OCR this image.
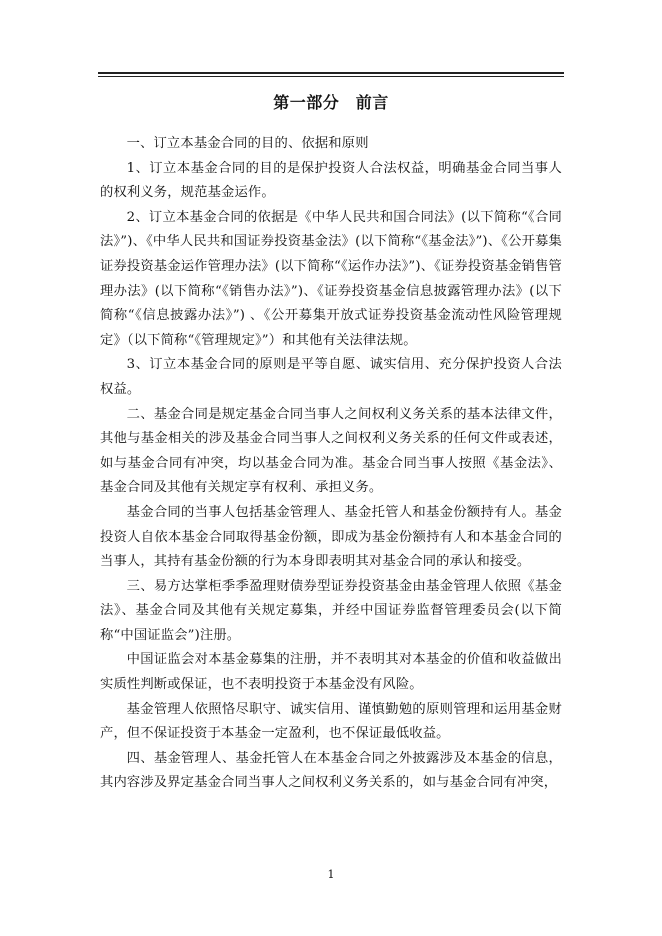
第一部分　前言

一、订立本基金合同的目的、依据和原则

1、订立本基金合同的目的是保护投资人合法权益，明确基金合同当事人的权利义务，规范基金运作。

2、订立本基金合同的依据是《中华人民共和国合同法》(以下简称“《合同法》”)、《中华人民共和国证券投资基金法》(以下简称“《基金法》”)、《公开募集证券投资基金运作管理办法》(以下简称“《运作办法》”)、《证券投资基金销售管理办法》(以下简称“《销售办法》”)、《证券投资基金信息披露管理办法》(以下简称“《信息披露办法》”) 、《公开募集开放式证券投资基金流动性风险管理规定》（以下简称“《管理规定》”）和其他有关法律法规。

3、订立本基金合同的原则是平等自愿、诚实信用、充分保护投资人合法权益。

二、基金合同是规定基金合同当事人之间权利义务关系的基本法律文件，其他与基金相关的涉及基金合同当事人之间权利义务关系的任何文件或表述，如与基金合同有冲突，均以基金合同为准。基金合同当事人按照《基金法》、基金合同及其他有关规定享有权利、承担义务。

基金合同的当事人包括基金管理人、基金托管人和基金份额持有人。基金投资人自依本基金合同取得基金份额，即成为基金份额持有人和本基金合同的当事人，其持有基金份额的行为本身即表明其对基金合同的承认和接受。

三、易方达掌柜季季盈理财债券型证券投资基金由基金管理人依照《基金法》、基金合同及其他有关规定募集，并经中国证券监督管理委员会(以下简称“中国证监会”)注册。

中国证监会对本基金募集的注册，并不表明其对本基金的价值和收益做出实质性判断或保证，也不表明投资于本基金没有风险。

基金管理人依照恪尽职守、诚实信用、谨慎勤勉的原则管理和运用基金财产，但不保证投资于本基金一定盈利，也不保证最低收益。

四、基金管理人、基金托管人在本基金合同之外披露涉及本基金的信息，其内容涉及界定基金合同当事人之间权利义务关系的，如与基金合同有冲突，

1
